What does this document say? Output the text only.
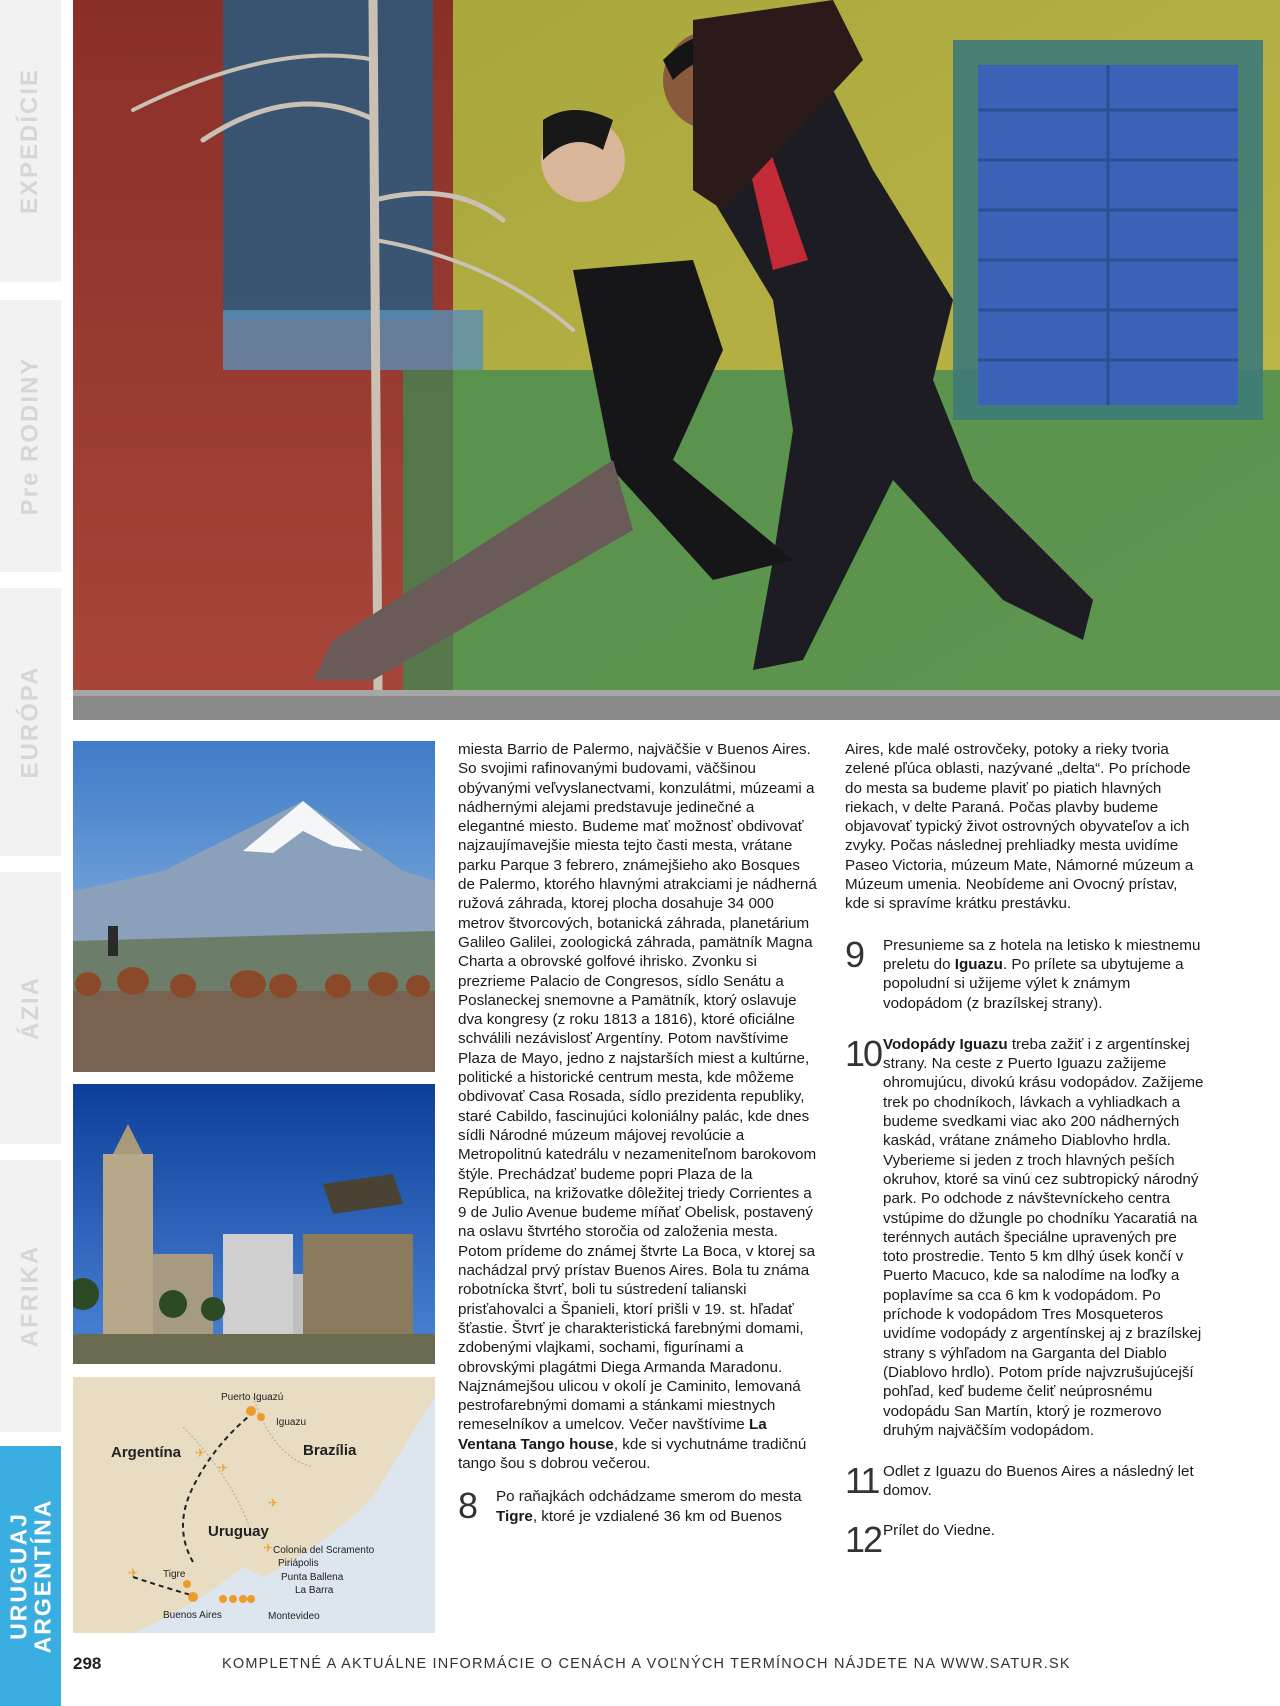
EXPEDÍCIE
Pre RODINY
EURÓPA
ÁZIA
AFRIKA
URUGUAJ
ARGENTÍNA
✈
✈
✈
✈
✈
Puerto Iguazú
Iguazu
Argentína	Brazília
Uruguay
Colonia del Scramento
Piriápolis
Punta Ballena
La Barra
Tigre
Buenos Aires	Montevideo

miesta Barrio de Palermo, najväčšie v Buenos Aires. So svojimi rafinovanými budovami, väčšinou obývanými veľvyslanectvami, konzulátmi, múzeami a nádhernými alejami predstavuje jedinečné a elegantné miesto. Budeme mať možnosť obdivovať najzaujímavejšie miesta tejto časti mesta, vrátane parku Parque 3 febrero, známejšieho ako Bosques de Palermo, ktorého hlavnými atrakciami je nádherná ružová záhrada, ktorej plocha dosahuje 34 000 metrov štvorcových, botanická záhrada, planetárium Galileo Galilei, zoologická záhrada, pamätník Magna Charta a obrovské golfové ihrisko. Zvonku si prezrieme Palacio de Congresos, sídlo Senátu a Poslaneckej snemovne a Pamätník, ktorý oslavuje dva kongresy (z roku 1813 a 1816), ktoré oficiálne schválili nezávislosť Argentíny. Potom navštívime Plaza de Mayo, jedno z najstarších miest a kultúrne, politické a historické centrum mesta, kde môžeme obdivovať Casa Rosada, sídlo prezidenta republiky, staré Cabildo, fascinujúci koloniálny palác, kde dnes sídli Národné múzeum májovej revolúcie a Metropolitnú katedrálu v nezameniteľnom barokovom štýle. Prechádzať budeme popri Plaza de la República, na križovatke dôležitej triedy Corrientes a 9 de Julio Avenue budeme míňať Obelisk, postavený na oslavu štvrtého storočia od založenia mesta. Potom prídeme do známej štvrte La Boca, v ktorej sa nachádzal prvý prístav Buenos Aires. Bola tu známa robotnícka štvrť, boli tu sústredení talianski prisťahovalci a Španieli, ktorí prišli v 19. st. hľadať šťastie. Štvrť je charakteristická farebnými domami, zdobenými vlajkami, sochami, figurínami a obrovskými plagátmi Diega Armanda Maradonu. Najznámejšou ulicou v okolí je Caminito, lemovaná pestrofarebnými domami a stánkami miestnych remeselníkov a umelcov. Večer navštívime La Ventana Tango house, kde si vychutnáme tradičnú tango šou s dobrou večerou.

8 Po raňajkách odchádzame smerom do mesta Tigre, ktoré je vzdialené 36 km od Buenos

Aires, kde malé ostrovčeky, potoky a rieky tvoria zelené pľúca oblasti, nazývané „delta“. Po príchode do mesta sa budeme plaviť po piatich hlavných riekach, v delte Paraná. Počas plavby budeme objavovať typický život ostrovných obyvateľov a ich zvyky. Počas následnej prehliadky mesta uvidíme Paseo Victoria, múzeum Mate, Námorné múzeum a Múzeum umenia. Neobídeme ani Ovocný prístav, kde si spravíme krátku prestávku.

9 Presunieme sa z hotela na letisko k miestnemu preletu do Iguazu. Po prílete sa ubytujeme a popoludní si užijeme výlet k známym vodopádom (z brazílskej strany).

10 Vodopády Iguazu treba zažiť i z argentínskej strany. Na ceste z Puerto Iguazu zažijeme ohromujúcu, divokú krásu vodopádov. Zažijeme trek po chodníkoch, lávkach a vyhliadkach a budeme svedkami viac ako 200 nádherných kaskád, vrátane známeho Diablovho hrdla. Vyberieme si jeden z troch hlavných peších okruhov, ktoré sa vinú cez subtropický národný park. Po odchode z návštevníckeho centra vstúpime do džungle po chodníku Yacaratiá na terénnych autách špeciálne upravených pre toto prostredie. Tento 5 km dlhý úsek končí v Puerto Macuco, kde sa nalodíme na loďky a poplavíme sa cca 6 km k vodopádom. Po príchode k vodopádom Tres Mosqueteros uvidíme vodopády z argentínskej aj z brazílskej strany s výhľadom na Garganta del Diablo (Diablovo hrdlo). Potom príde najvzrušujúcejší pohľad, keď budeme čeliť neúprosnému vodopádu San Martín, ktorý je rozmerovo druhým najväčším vodopádom.

11 Odlet z Iguazu do Buenos Aires a následný let domov.

12 Prílet do Viedne.

298	KOMPLETNÉ A AKTUÁLNE INFORMÁCIE O CENÁCH A VOĽNÝCH TERMÍNOCH NÁJDETE NA WWW.SATUR.SK
